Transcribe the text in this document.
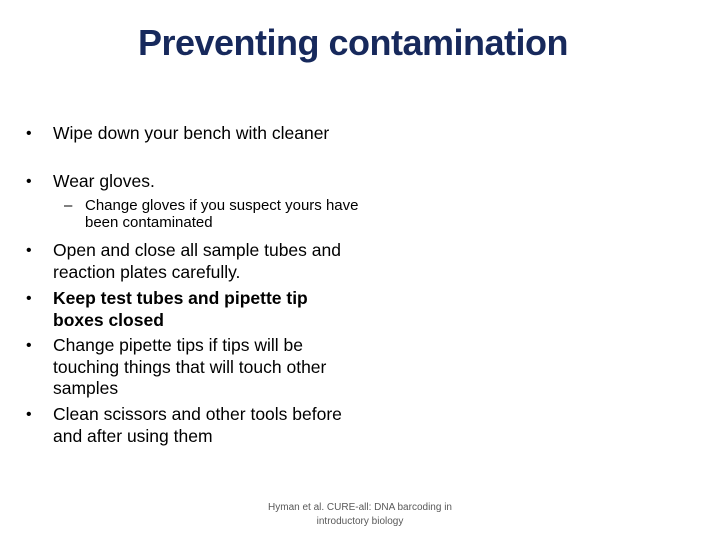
Preventing contamination
•	Wipe down your bench with cleaner
•	Wear gloves.
– Change gloves if you suspect yours have been contaminated
•	Open and close all sample tubes and reaction plates carefully.
•	Keep test tubes and pipette tip boxes closed
•	Change pipette tips if tips will be touching things that will touch other samples
•	Clean scissors and other tools before and after using them
Hyman et al. CURE-all: DNA barcoding in introductory biology
